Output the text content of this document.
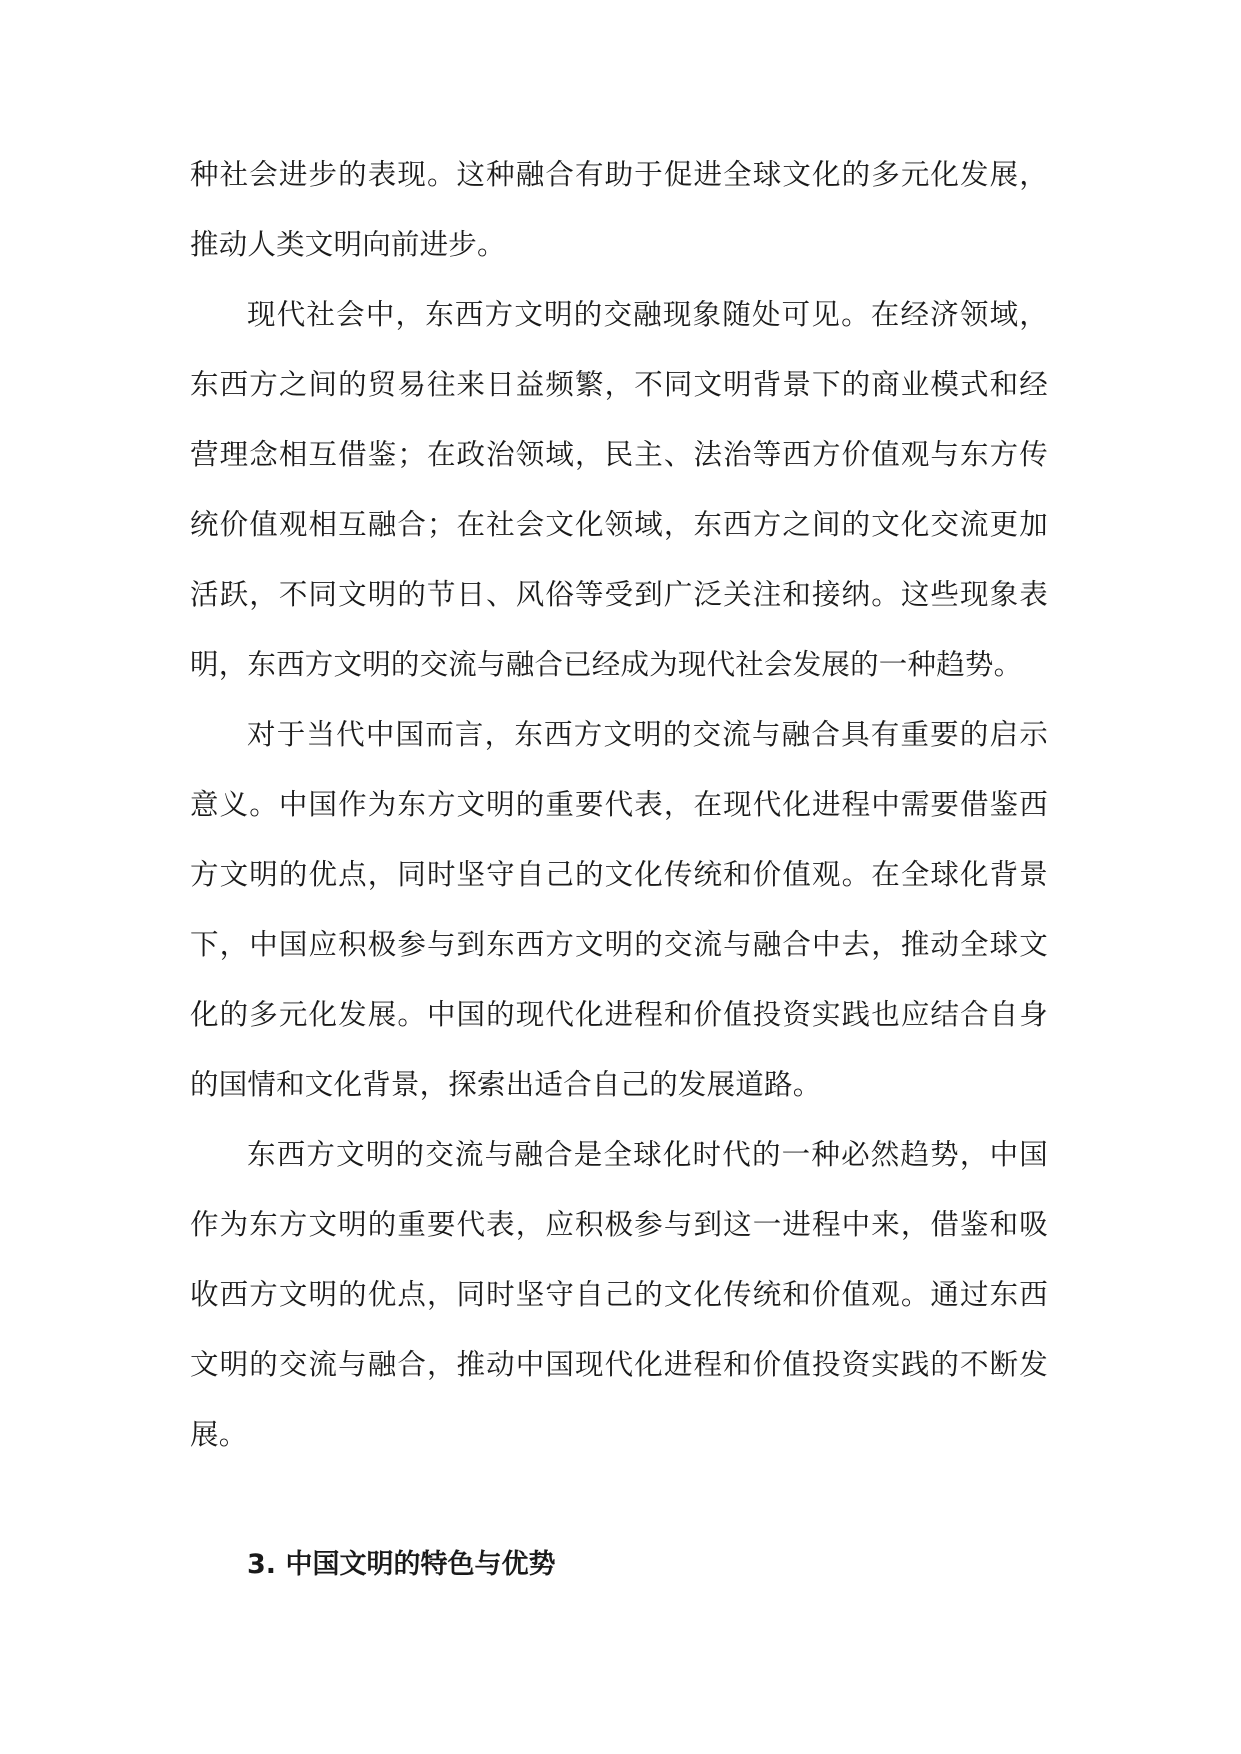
种社会进步的表现。这种融合有助于促进全球文化的多元化发展，推动人类文明向前进步。

现代社会中，东西方文明的交融现象随处可见。在经济领域，东西方之间的贸易往来日益频繁，不同文明背景下的商业模式和经营理念相互借鉴；在政治领域，民主、法治等西方价值观与东方传统价值观相互融合；在社会文化领域，东西方之间的文化交流更加活跃，不同文明的节日、风俗等受到广泛关注和接纳。这些现象表明，东西方文明的交流与融合已经成为现代社会发展的一种趋势。

对于当代中国而言，东西方文明的交流与融合具有重要的启示意义。中国作为东方文明的重要代表，在现代化进程中需要借鉴西方文明的优点，同时坚守自己的文化传统和价值观。在全球化背景下，中国应积极参与到东西方文明的交流与融合中去，推动全球文化的多元化发展。中国的现代化进程和价值投资实践也应结合自身的国情和文化背景，探索出适合自己的发展道路。

东西方文明的交流与融合是全球化时代的一种必然趋势，中国作为东方文明的重要代表，应积极参与到这一进程中来，借鉴和吸收西方文明的优点，同时坚守自己的文化传统和价值观。通过东西文明的交流与融合，推动中国现代化进程和价值投资实践的不断发展。

3. 中国文明的特色与优势
